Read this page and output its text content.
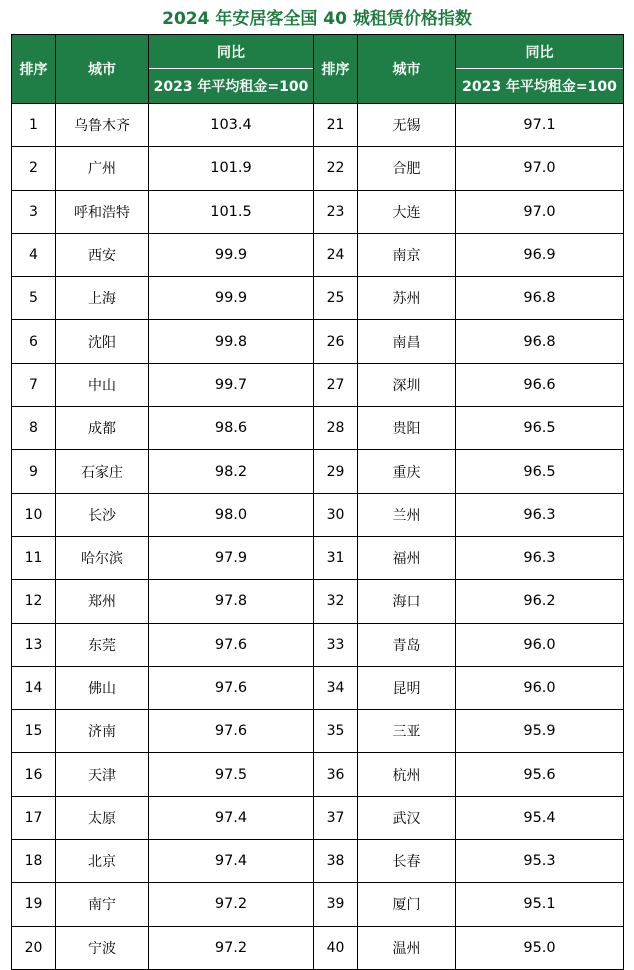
2024 年安居客全国 40 城租赁价格指数
排序	城市	同比	排序	城市	同比
		2023 年平均租金=100			2023 年平均租金=100
1	乌鲁木齐	103.4	21	无锡	97.1
2	广州	101.9	22	合肥	97.0
3	呼和浩特	101.5	23	大连	97.0
4	西安	99.9	24	南京	96.9
5	上海	99.9	25	苏州	96.8
6	沈阳	99.8	26	南昌	96.8
7	中山	99.7	27	深圳	96.6
8	成都	98.6	28	贵阳	96.5
9	石家庄	98.2	29	重庆	96.5
10	长沙	98.0	30	兰州	96.3
11	哈尔滨	97.9	31	福州	96.3
12	郑州	97.8	32	海口	96.2
13	东莞	97.6	33	青岛	96.0
14	佛山	97.6	34	昆明	96.0
15	济南	97.6	35	三亚	95.9
16	天津	97.5	36	杭州	95.6
17	太原	97.4	37	武汉	95.4
18	北京	97.4	38	长春	95.3
19	南宁	97.2	39	厦门	95.1
20	宁波	97.2	40	温州	95.0
